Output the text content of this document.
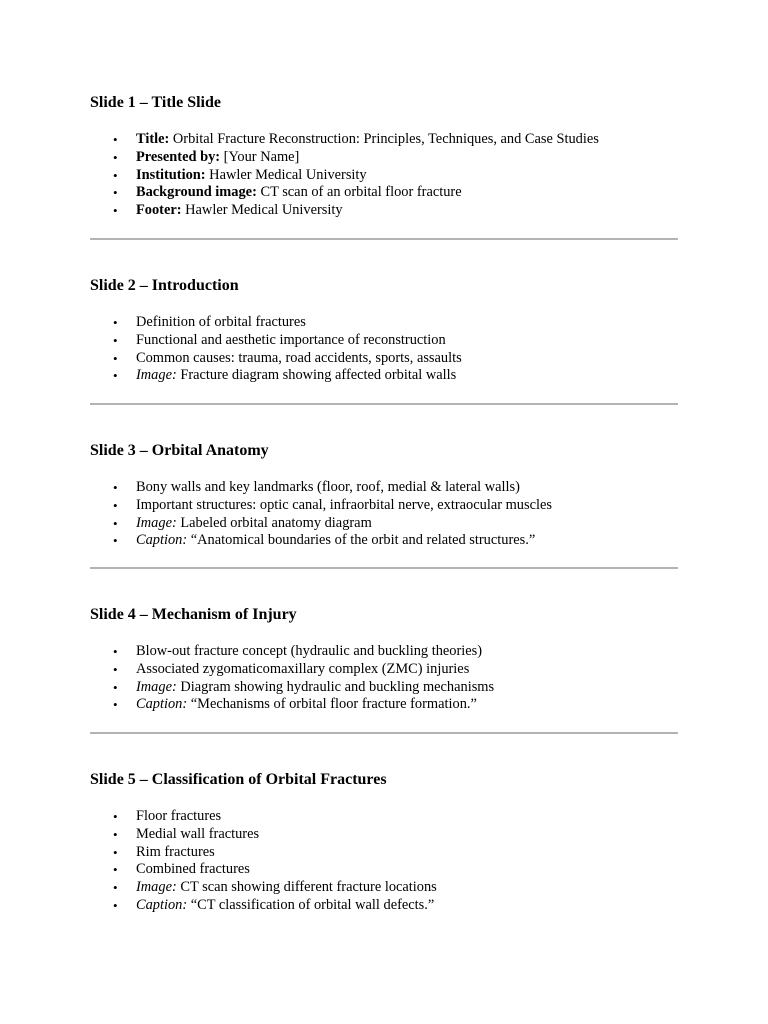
Slide 1 – Title Slide
• Title: Orbital Fracture Reconstruction: Principles, Techniques, and Case Studies
• Presented by: [Your Name]
• Institution: Hawler Medical University
• Background image: CT scan of an orbital floor fracture
• Footer: Hawler Medical University
Slide 2 – Introduction
• Definition of orbital fractures
• Functional and aesthetic importance of reconstruction
• Common causes: trauma, road accidents, sports, assaults
• Image: Fracture diagram showing affected orbital walls
Slide 3 – Orbital Anatomy
• Bony walls and key landmarks (floor, roof, medial & lateral walls)
• Important structures: optic canal, infraorbital nerve, extraocular muscles
• Image: Labeled orbital anatomy diagram
• Caption: “Anatomical boundaries of the orbit and related structures.”
Slide 4 – Mechanism of Injury
• Blow-out fracture concept (hydraulic and buckling theories)
• Associated zygomaticomaxillary complex (ZMC) injuries
• Image: Diagram showing hydraulic and buckling mechanisms
• Caption: “Mechanisms of orbital floor fracture formation.”
Slide 5 – Classification of Orbital Fractures
• Floor fractures
• Medial wall fractures
• Rim fractures
• Combined fractures
• Image: CT scan showing different fracture locations
• Caption: “CT classification of orbital wall defects.”
